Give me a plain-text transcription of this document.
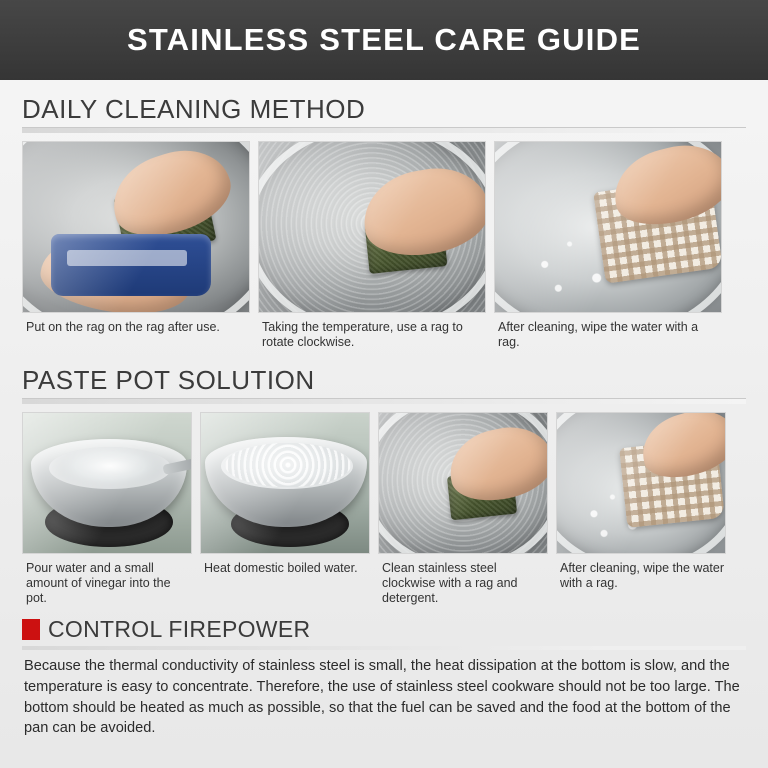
STAINLESS STEEL CARE GUIDE
DAILY CLEANING METHOD
Put on the rag on the rag after use.	Taking the temperature, use a rag to rotate clockwise.
After cleaning, wipe the water with a rag.
PASTE POT SOLUTION
Pour water and a small amount of vinegar into the pot.
Heat domestic boiled water.	Clean stainless steel clockwise with a rag and detergent.
After cleaning, wipe the water with a rag.
CONTROL FIREPOWER
Because the thermal conductivity of stainless steel is small, the heat dissipation at the bottom is slow, and the temperature is easy to concentrate. Therefore, the use of stainless steel cookware should not be too large. The bottom should be heated as much as possible, so that the fuel can be saved and the food at the bottom of the pan can be avoided.
